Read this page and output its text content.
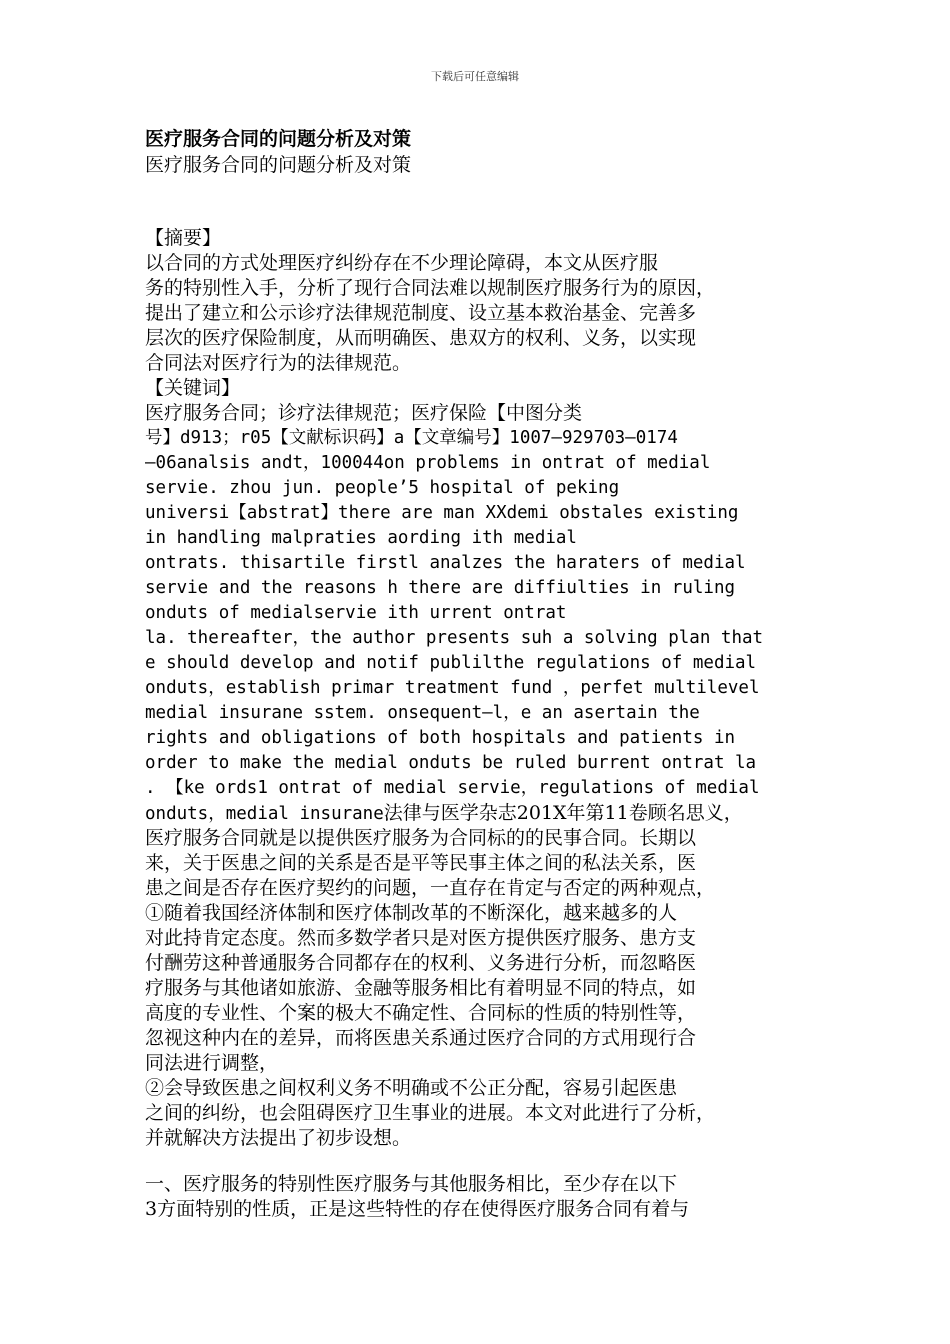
下载后可任意编辑
医疗服务合同的问题分析及对策
医疗服务合同的问题分析及对策
【摘要】
以合同的方式处理医疗纠纷存在不少理论障碍，本文从医疗服
务的特别性入手，分析了现行合同法难以规制医疗服务行为的原因，
提出了建立和公示诊疗法律规范制度、设立基本救治基金、完善多
层次的医疗保险制度，从而明确医、患双方的权利、义务，以实现
合同法对医疗行为的法律规范。
【关键词】
医疗服务合同；诊疗法律规范；医疗保险【中图分类
号】d913；r05【文献标识码】a【文章编号】1007—929703—0174
—06analsis andt，100044on problems in ontrat of medial
servie. zhou jun. people’5 hospital of peking
universi【abstrat】there are man XXdemi obstales existing
in handling malpraties aording ith medial
ontrats. thisartile firstl analzes the haraters of medial
servie and the reasons h there are diffiulties in ruling
onduts of medialservie ith urrent ontrat
la. thereafter，the author presents suh a solving plan that
e should develop and notif publilthe regulations of medial
onduts，establish primar treatment fund ，perfet multilevel
medial insurane sstem. onsequent—l，e an asertain the
rights and obligations of both hospitals and patients in
order to make the medial onduts be ruled burrent ontrat la
. 【ke ords1 ontrat of medial servie，regulations of medial
onduts，medial insurane法律与医学杂志201X年第11卷顾名思义，
医疗服务合同就是以提供医疗服务为合同标的的民事合同。长期以
来，关于医患之间的关系是否是平等民事主体之间的私法关系，医
患之间是否存在医疗契约的问题，一直存在肯定与否定的两种观点，
①随着我国经济体制和医疗体制改革的不断深化，越来越多的人
对此持肯定态度。然而多数学者只是对医方提供医疗服务、患方支
付酬劳这种普通服务合同都存在的权利、义务进行分析，而忽略医
疗服务与其他诸如旅游、金融等服务相比有着明显不同的特点，如
高度的专业性、个案的极大不确定性、合同标的性质的特别性等，
忽视这种内在的差异，而将医患关系通过医疗合同的方式用现行合
同法进行调整，
②会导致医患之间权利义务不明确或不公正分配，容易引起医患
之间的纠纷，也会阻碍医疗卫生事业的进展。本文对此进行了分析，
并就解决方法提出了初步设想。
一、医疗服务的特别性医疗服务与其他服务相比，至少存在以下
3方面特别的性质，正是这些特性的存在使得医疗服务合同有着与
